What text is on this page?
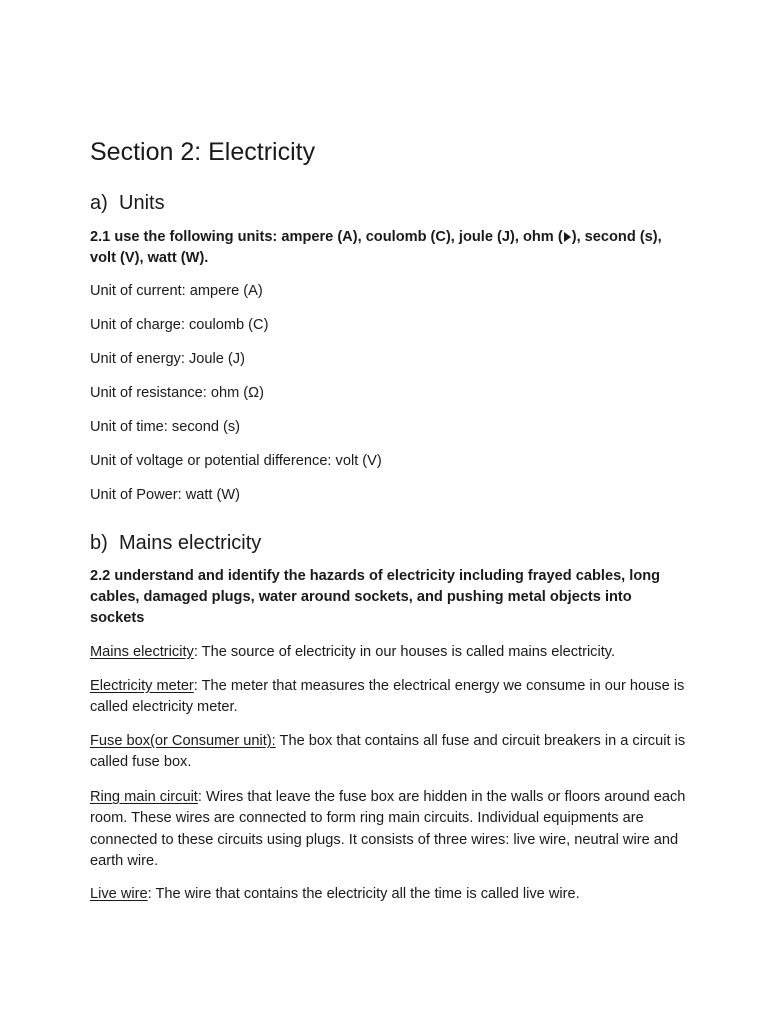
Section 2: Electricity
a) Units

2.1 use the following units: ampere (A), coulomb (C), joule (J), ohm ( ), second (s), volt (V), watt (W).

Unit of current: ampere (A)

Unit of charge: coulomb (C)

Unit of energy: Joule (J)

Unit of resistance: ohm (Ω)

Unit of time: second (s)

Unit of voltage or potential difference: volt (V)

Unit of Power: watt (W)

b) Mains electricity

2.2 understand and identify the hazards of electricity including frayed cables, long cables, damaged plugs, water around sockets, and pushing metal objects into sockets

Mains electricity: The source of electricity in our houses is called mains electricity.

Electricity meter: The meter that measures the electrical energy we consume in our house is called electricity meter.

Fuse box(or Consumer unit): The box that contains all fuse and circuit breakers in a circuit is called fuse box.

Ring main circuit: Wires that leave the fuse box are hidden in the walls or floors around each room. These wires are connected to form ring main circuits. Individual equipments are connected to these circuits using plugs. It consists of three wires: live wire, neutral wire and earth wire.

Live wire: The wire that contains the electricity all the time is called live wire.
